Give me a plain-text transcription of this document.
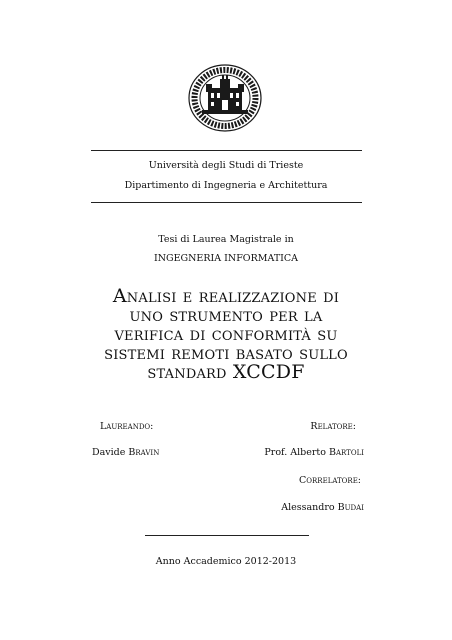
Università degli Studi di Trieste
Dipartimento di Ingegneria e Architettura
Tesi di Laurea Magistrale in
INGEGNERIA INFORMATICA
Analisi e realizzazione di
uno strumento per la
verifica di conformità su
sistemi remoti basato sullo
standard XCCDF
Laureando:	Relatore:
Davide Bravin	Prof. Alberto Bartoli
Correlatore:
Alessandro Budai
Anno Accademico 2012-2013
